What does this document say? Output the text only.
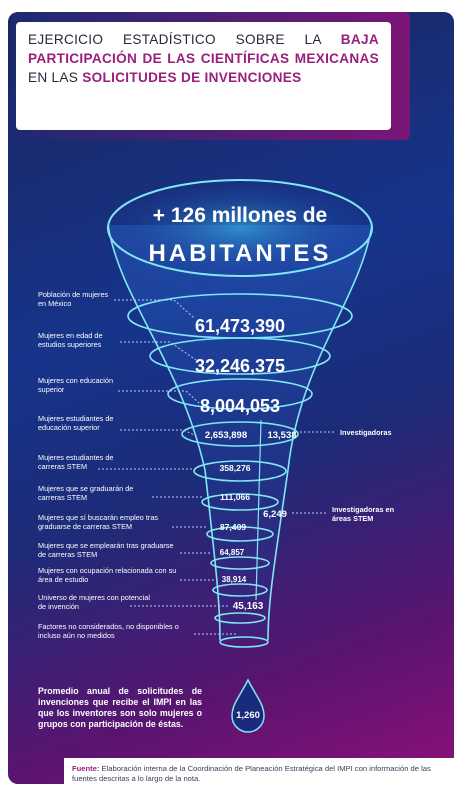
EJERCICIO ESTADÍSTICO SOBRE LA BAJA PARTICIPACIÓN DE LAS CIENTÍFICAS MEXICANAS EN LAS SOLICITUDES DE INVENCIONES
+ 126 millones de
HABITANTES
61,473,390
32,246,375
8,004,053
2,653,898	13,538
358,276
111,066
87,409
6,249
64,857
38,914
45,163
1,260
Población de mujeres en México
Mujeres en edad de estudios superiores
Mujeres con educación superior
Mujeres estudiantes de educación superior
Mujeres estudiantes de carreras STEM
Mujeres que se graduarán de carreras STEM
Mujeres que sí buscarán empleo tras graduarse de carreras STEM
Mujeres que se emplearán tras graduarse de carreras STEM
Mujeres con ocupación relacionada con su área de estudio
Universo de mujeres con potencial de invención
Factores no considerados, no disponibles o incluso aún no medidos
Investigadoras
Investigadoras en áreas STEM
Promedio anual de solicitudes de invenciones que recibe el IMPI en las que los inventores son solo mujeres o grupos con participación de éstas.
Fuente: Elaboración interna de la Coordinación de Planeación Estratégica del IMPI con información de las fuentes descritas a lo largo de la nota.
